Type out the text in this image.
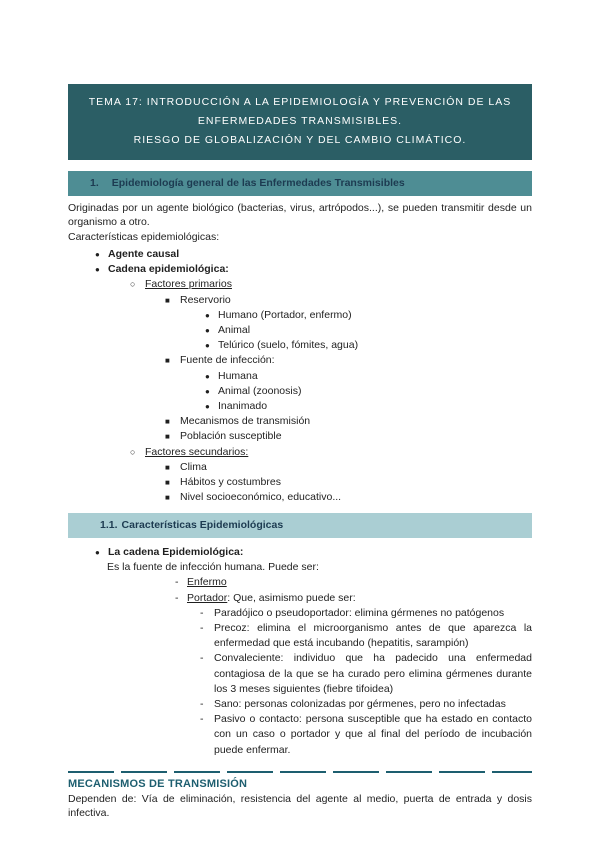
TEMA 17: INTRODUCCIÓN A LA EPIDEMIOLOGÍA Y PREVENCIÓN DE LAS ENFERMEDADES TRANSMISIBLES.
RIESGO DE GLOBALIZACIÓN Y DEL CAMBIO CLIMÁTICO.
1. Epidemiología general de las Enfermedades Transmisibles

Originadas por un agente biológico (bacterias, virus, artrópodos...), se pueden transmitir desde un organismo a otro.

Características epidemiológicas:

●
Agente causal
●
Cadena epidemiológica:
○
Factores primarios
■
Reservorio
●
Humano (Portador, enfermo)
●
Animal
●
Telúrico (suelo, fómites, agua)
■
Fuente de infección:
●
Humana
●
Animal (zoonosis)
●
Inanimado
■
Mecanismos de transmisión
■
Población susceptible
○
Factores secundarios:
■
Clima
■
Hábitos y costumbres
■
Nivel socioeconómico, educativo...
1.1. Características Epidemiológicas
●
La cadena Epidemiológica:

Es la fuente de infección humana. Puede ser:

-
Enfermo
-
Portador: Que, asimismo puede ser:
-
Paradójico o pseudoportador: elimina gérmenes no patógenos
-
Precoz: elimina el microorganismo antes de que aparezca la enfermedad que está incubando (hepatitis, sarampión)
-
Convaleciente: individuo que ha padecido una enfermedad contagiosa de la que se ha curado pero elimina gérmenes durante los 3 meses siguientes (fiebre tifoidea)
-
Sano: personas colonizadas por gérmenes, pero no infectadas
-
Pasivo o contacto: persona susceptible que ha estado en contacto con un caso o portador y que al final del período de incubación puede enfermar.
MECANISMOS DE TRANSMISIÓN

Dependen de: Vía de eliminación, resistencia del agente al medio, puerta de entrada y dosis infectiva.
